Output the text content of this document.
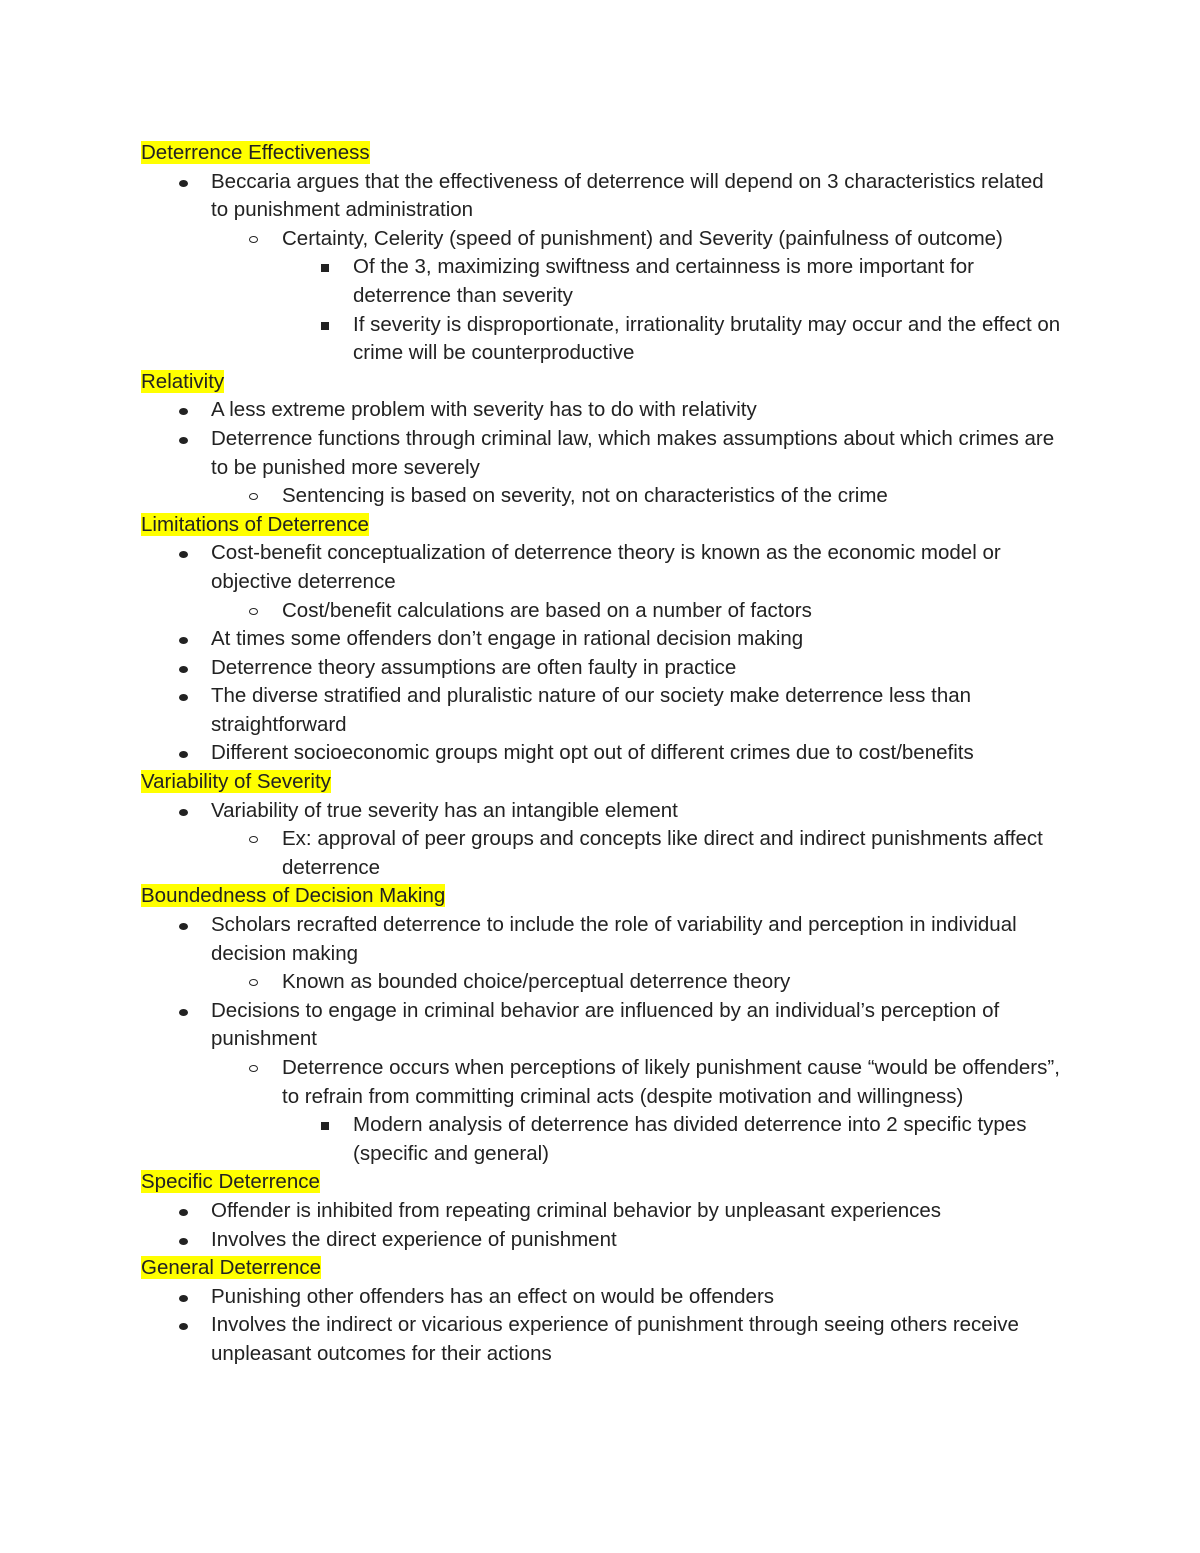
Deterrence Effectiveness
Beccaria argues that the effectiveness of deterrence will depend on 3 characteristics related to punishment administration
Certainty, Celerity (speed of punishment) and Severity (painfulness of outcome)
Of the 3, maximizing swiftness and certainness is more important for deterrence than severity
If severity is disproportionate, irrationality brutality may occur and the effect on crime will be counterproductive
Relativity
A less extreme problem with severity has to do with relativity
Deterrence functions through criminal law, which makes assumptions about which crimes are to be punished more severely
Sentencing is based on severity, not on characteristics of the crime
Limitations of Deterrence
Cost-benefit conceptualization of deterrence theory is known as the economic model or objective deterrence
Cost/benefit calculations are based on a number of factors
At times some offenders don’t engage in rational decision making
Deterrence theory assumptions are often faulty in practice
The diverse stratified and pluralistic nature of our society make deterrence less than straightforward
Different socioeconomic groups might opt out of different crimes due to cost/benefits
Variability of Severity
Variability of true severity has an intangible element
Ex: approval of peer groups and concepts like direct and indirect punishments affect deterrence
Boundedness of Decision Making
Scholars recrafted deterrence to include the role of variability and perception in individual decision making
Known as bounded choice/perceptual deterrence theory
Decisions to engage in criminal behavior are influenced by an individual’s perception of punishment
Deterrence occurs when perceptions of likely punishment cause “would be offenders”, to refrain from committing criminal acts (despite motivation and willingness)
Modern analysis of deterrence has divided deterrence into 2 specific types (specific and general)
Specific Deterrence
Offender is inhibited from repeating criminal behavior by unpleasant experiences
Involves the direct experience of punishment
General Deterrence
Punishing other offenders has an effect on would be offenders
Involves the indirect or vicarious experience of punishment through seeing others receive unpleasant outcomes for their actions
